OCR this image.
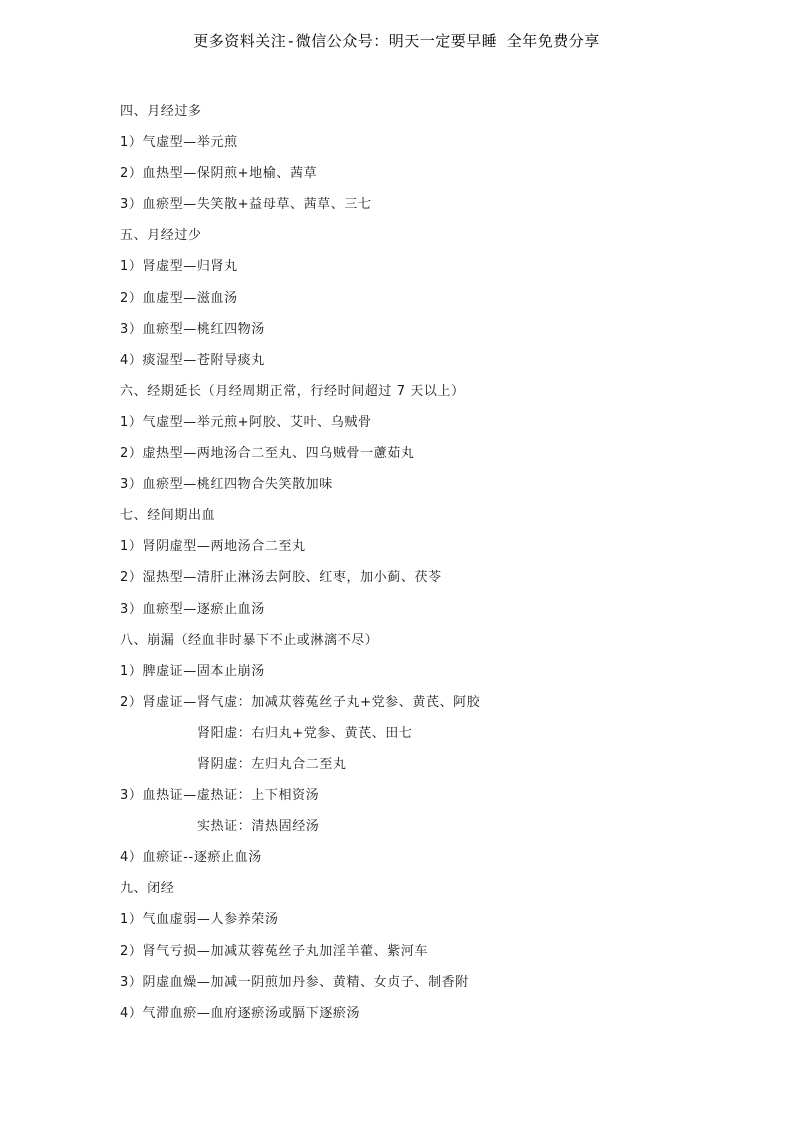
更多资料关注-微信公众号：明天一定要早睡 全年免费分享
四、月经过多
1）气虚型—举元煎
2）血热型—保阴煎+地榆、茜草
3）血瘀型—失笑散+益母草、茜草、三七
五、月经过少
1）肾虚型—归肾丸
2）血虚型—滋血汤
3）血瘀型—桃红四物汤
4）痰湿型—苍附导痰丸
六、经期延长（月经周期正常，行经时间超过 7 天以上）
1）气虚型—举元煎+阿胶、艾叶、乌贼骨
2）虚热型—两地汤合二至丸、四乌贼骨一藘茹丸
3）血瘀型—桃红四物合失笑散加味
七、经间期出血
1）肾阴虚型—两地汤合二至丸
2）湿热型—清肝止淋汤去阿胶、红枣，加小蓟、茯苓
3）血瘀型—逐瘀止血汤
八、崩漏（经血非时暴下不止或淋漓不尽）
1）脾虚证—固本止崩汤
2）肾虚证—肾气虚：加减苁蓉菟丝子丸+党参、黄芪、阿胶
肾阳虚：右归丸+党参、黄芪、田七
肾阴虚：左归丸合二至丸
3）血热证—虚热证：上下相资汤
实热证：清热固经汤
4）血瘀证--逐瘀止血汤
九、闭经
1）气血虚弱—人参养荣汤
2）肾气亏损—加减苁蓉菟丝子丸加淫羊藿、紫河车
3）阴虚血燥—加减一阴煎加丹参、黄精、女贞子、制香附
4）气滞血瘀—血府逐瘀汤或膈下逐瘀汤
